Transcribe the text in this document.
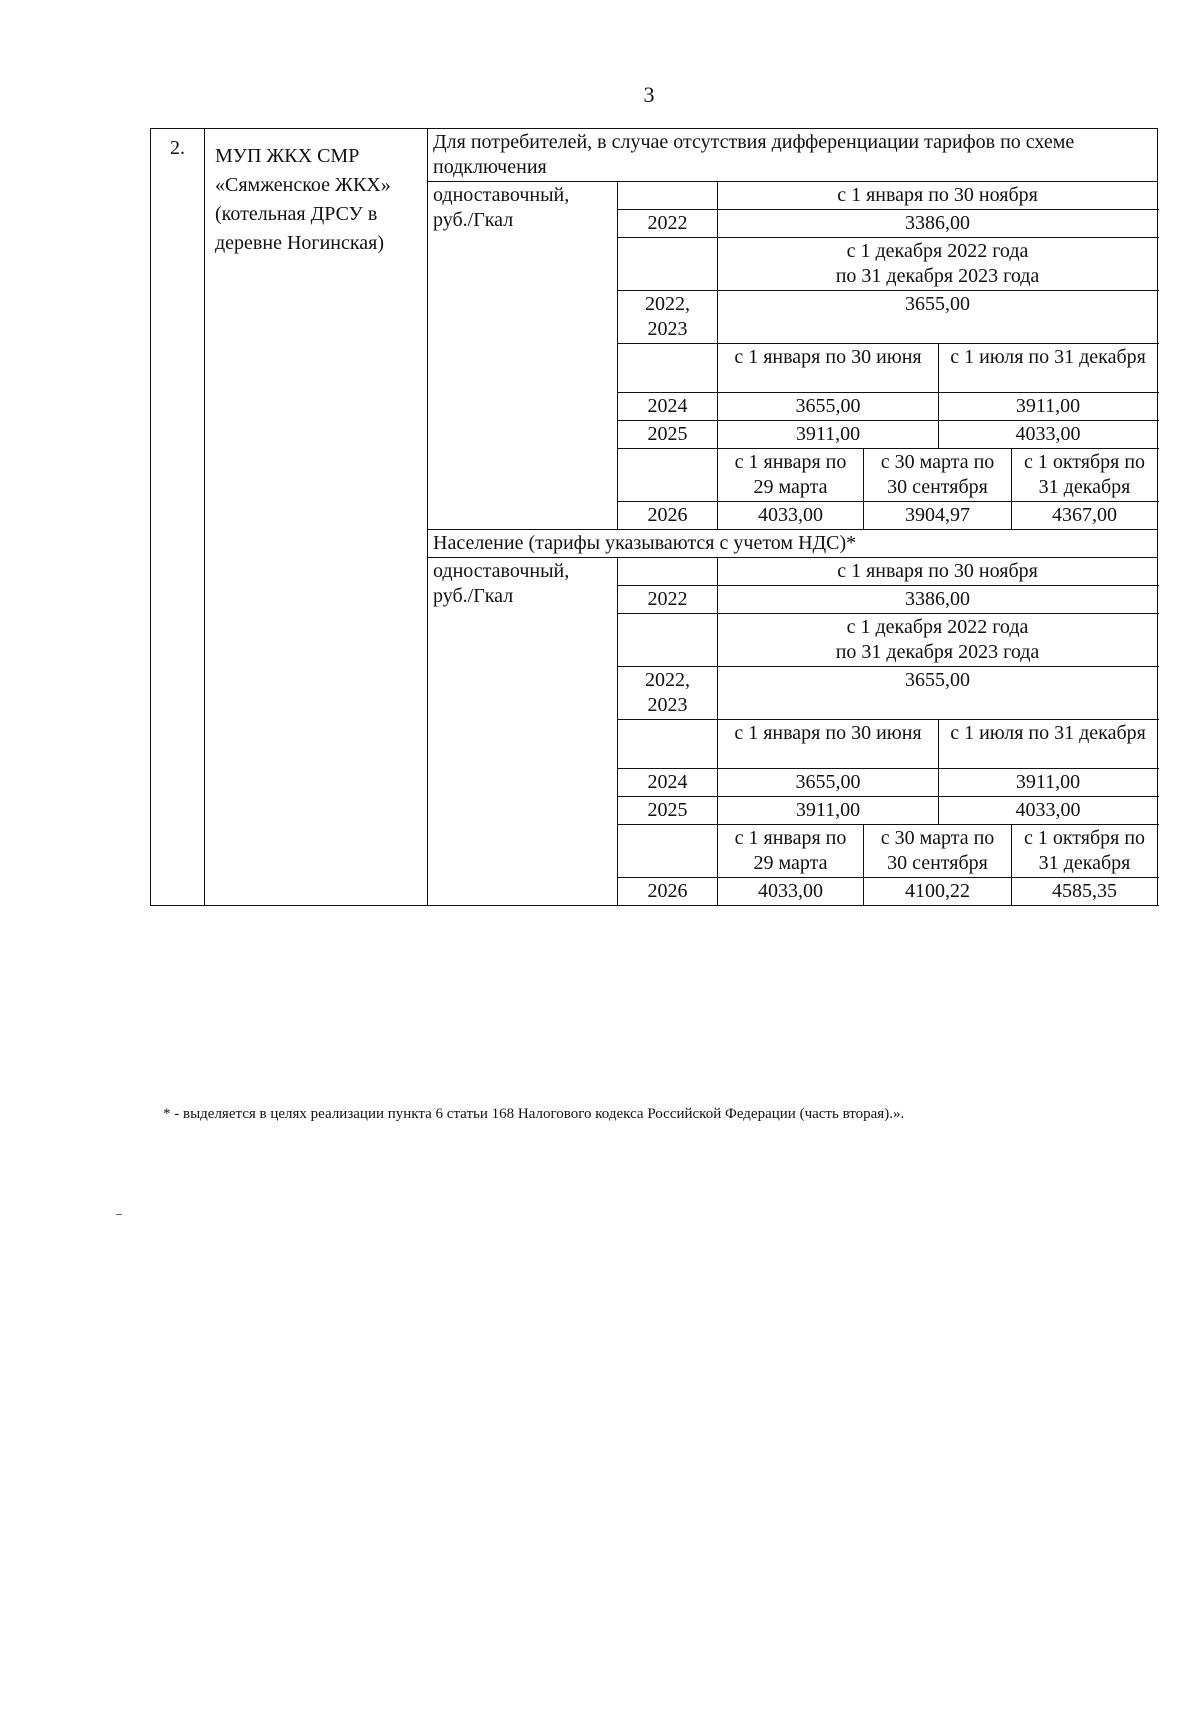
3
2.	МУП ЖКХ СМР «Сямженское ЖКХ» (котельная ДРСУ в деревне Ногинская)	Для потребителей, в случае отсутствия дифференциации тарифов по схеме подключения					
		одноставочный, руб./Гкал		с 1 января по 30 ноября			
			2022	3386,00			
				с 1 декабря 2022 года
по 31 декабря 2023 года			
			2022, 2023	3655,00			
				с 1 января по 30 июня		с 1 июля по 31 декабря	
			2024	3655,00		3911,00	
			2025	3911,00		4033,00	
				с 1 января по 29 марта	с 30 марта по 30 сентября		с 1 октября по 31 декабря
			2026	4033,00	3904,97		4367,00
		Население (тарифы указываются с учетом НДС)*					
		одноставочный, руб./Гкал		с 1 января по 30 ноября			
			2022	3386,00			
				с 1 декабря 2022 года
по 31 декабря 2023 года			
			2022, 2023	3655,00			
				с 1 января по 30 июня		с 1 июля по 31 декабря	
			2024	3655,00		3911,00	
			2025	3911,00		4033,00	
				с 1 января по 29 марта	с 30 марта по 30 сентября		с 1 октября по 31 декабря
			2026	4033,00	4100,22		4585,35
* - выделяется в целях реализации пункта 6 статьи 168 Налогового кодекса Российской Федерации (часть вторая).».
